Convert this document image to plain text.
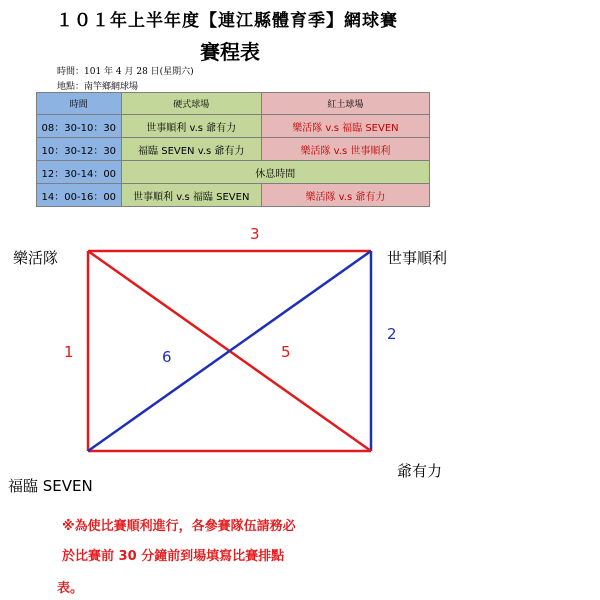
１０１年上半年度【連江縣體育季】網球賽
賽程表
時間：101 年 4 月 28 日(星期六)
地點：南竿鄉網球場
時間	硬式球場	紅土球場
08：30-10：30	世事順利 v.s 爺有力	樂活隊 v.s 福臨 SEVEN
10：30-12：30	福臨 SEVEN v.s 爺有力	樂活隊 v.s 世事順利
12：30-14：00	休息時間	
14：00-16：00	世事順利 v.s 福臨 SEVEN	樂活隊 v.s 爺有力
樂活隊	世事順利
爺有力
福臨 SEVEN
3
2
1	6	5
※為使比賽順利進行，各參賽隊伍請務必
於比賽前 30 分鐘前到場填寫比賽排點
表。
